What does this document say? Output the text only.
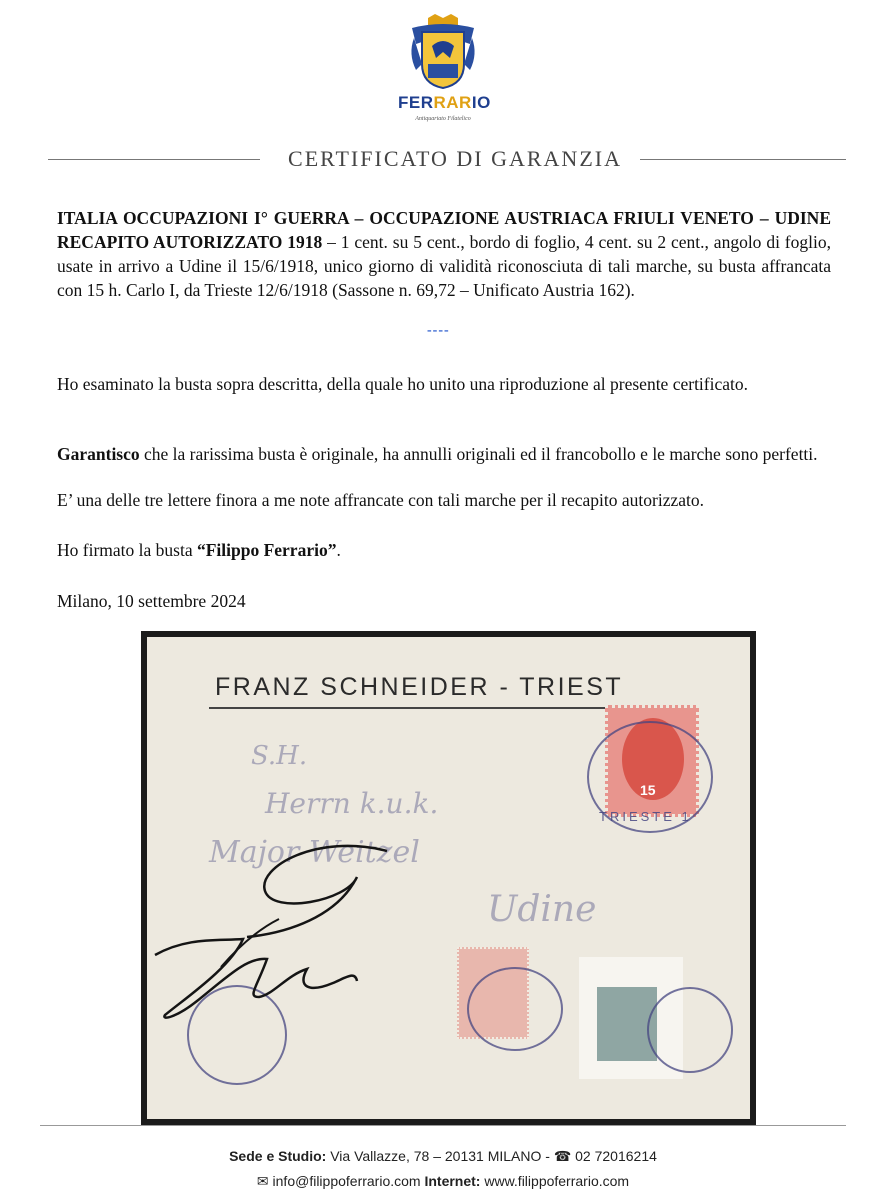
FERRARIO
Antiquariato Filatelico
CERTIFICATO DI GARANZIA
ITALIA OCCUPAZIONI I° GUERRA – OCCUPAZIONE AUSTRIACA FRIULI VENETO – UDINE RECAPITO AUTORIZZATO 1918 – 1 cent. su 5 cent., bordo di foglio, 4 cent. su 2 cent., angolo di foglio, usate in arrivo a Udine il 15/6/1918, unico giorno di validità riconosciuta di tali marche, su busta affrancata con 15 h. Carlo I, da Trieste 12/6/1918 (Sassone n. 69,72 – Unificato Austria 162).
----
Ho esaminato la busta sopra descritta, della quale ho unito una riproduzione al presente certificato.
Garantisco che la rarissima busta è originale, ha annulli originali ed il francobollo e le marche sono perfetti.
E’ una delle tre lettere finora a me note affrancate con tali marche per il recapito autorizzato.
Ho firmato la busta “Filippo Ferrario”.
Milano, 10 settembre 2024
FRANZ SCHNEIDER - TRIEST
15
TRIESTE 1
S.H.
Herrn k.u.k.
Major Weitzel
Udine
Sede e Studio: Via Vallazze, 78 – 20131 MILANO - ☎ 02 72016214
✉ info@filippoferrario.com Internet: www.filippoferrario.com
